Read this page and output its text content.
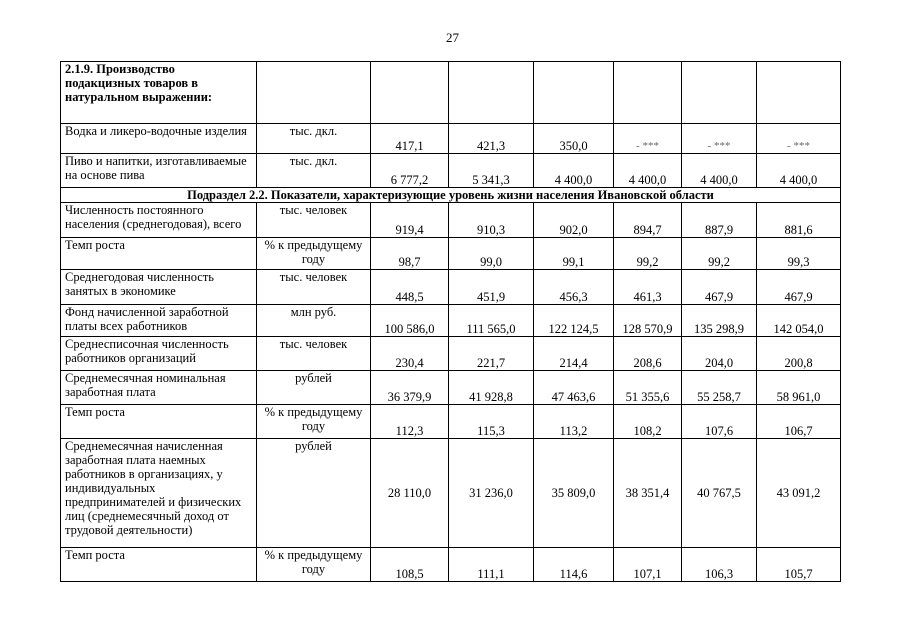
27
2.1.9. Производство подакцизных товаров в натуральном выражении:							
Водка и ликеро-водочные изделия	тыс. дкл.	417,1	421,3	350,0	- ***	- ***	- ***
Пиво и напитки, изготавливаемые на основе пива	тыс. дкл.	6 777,2	5 341,3	4 400,0	4 400,0	4 400,0	4 400,0
Подраздел 2.2. Показатели, характеризующие уровень жизни населения Ивановской области							
Численность постоянного населения (среднегодовая), всего	тыс. человек	919,4	910,3	902,0	894,7	887,9	881,6
Темп роста	% к предыдущему году	98,7	99,0	99,1	99,2	99,2	99,3
Среднегодовая численность занятых в экономике	тыс. человек	448,5	451,9	456,3	461,3	467,9	467,9
Фонд начисленной заработной платы всех работников	млн руб.	100 586,0	111 565,0	122 124,5	128 570,9	135 298,9	142 054,0
Среднесписочная численность работников организаций	тыс. человек	230,4	221,7	214,4	208,6	204,0	200,8
Среднемесячная номинальная заработная плата	рублей	36 379,9	41 928,8	47 463,6	51 355,6	55 258,7	58 961,0
Темп роста	% к предыдущему году	112,3	115,3	113,2	108,2	107,6	106,7
Среднемесячная начисленная заработная плата наемных работников в организациях, у индивидуальных предпринимателей и физических лиц (среднемесячный доход от трудовой деятельности)	рублей	28 110,0	31 236,0	35 809,0	38 351,4	40 767,5	43 091,2
Темп роста	% к предыдущему году	108,5	111,1	114,6	107,1	106,3	105,7
